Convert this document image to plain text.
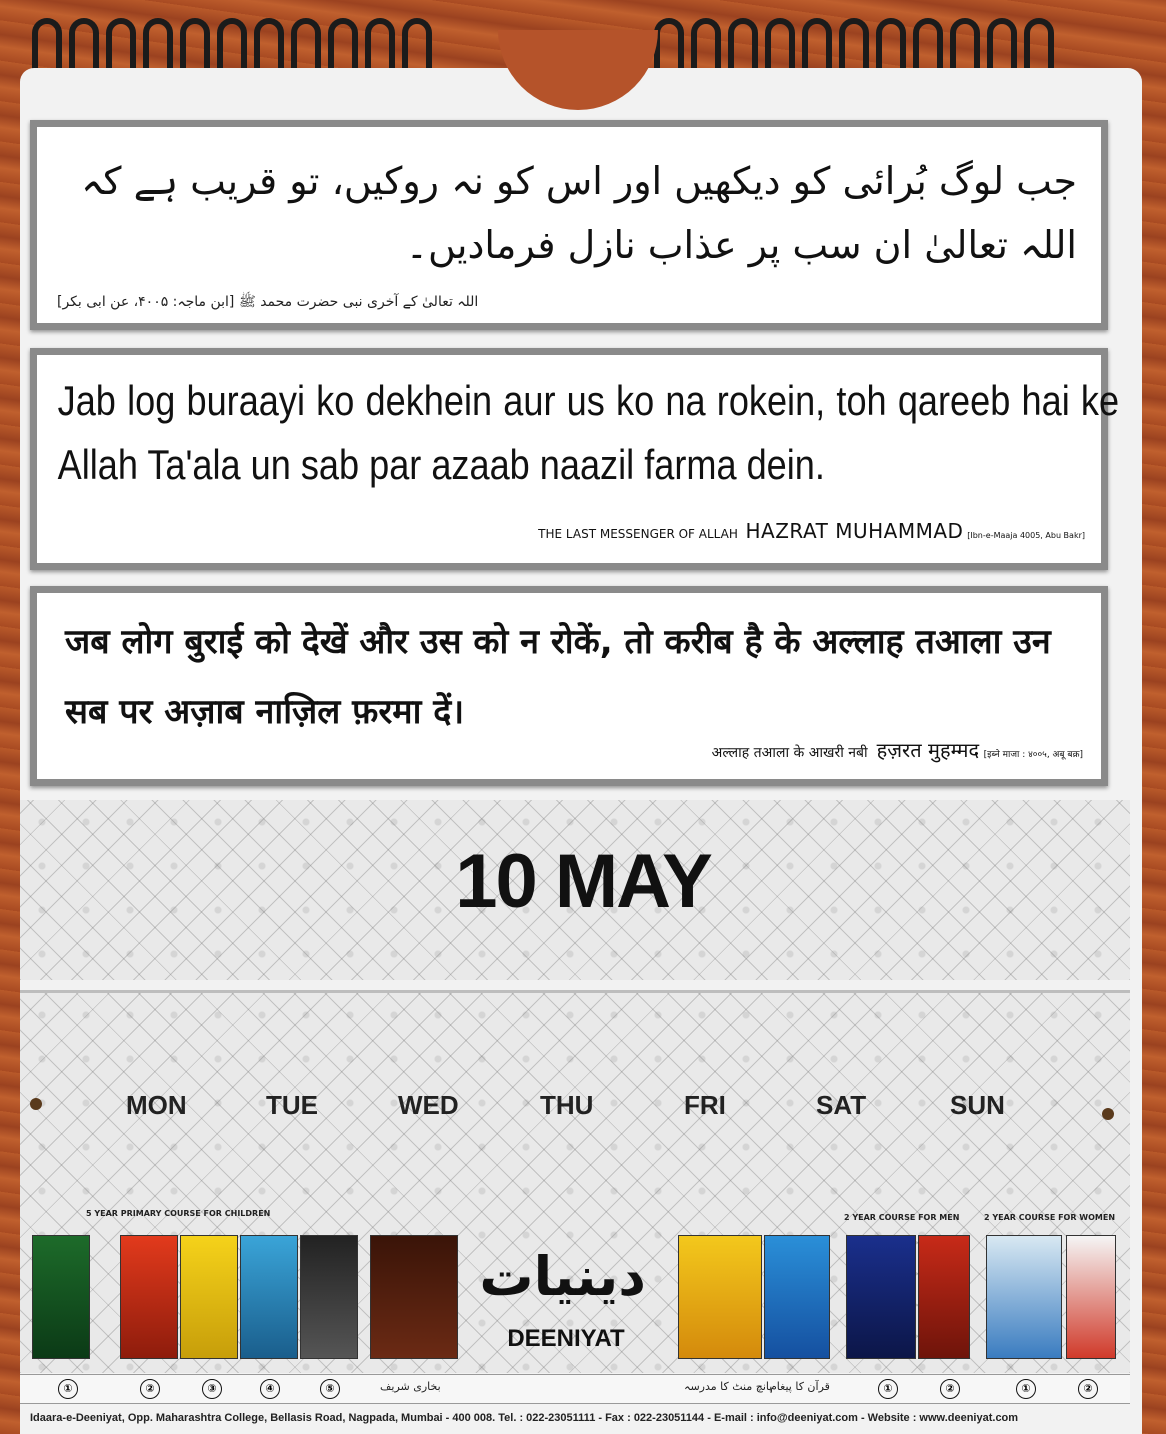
جب لوگ بُرائی کو دیکھیں اور اس کو نہ روکیں، تو قریب ہے کہ اللہ تعالیٰ ان سب پر عذاب نازل فرمادیں۔
اللہ تعالیٰ کے آخری نبی حضرت محمد ﷺ [ابن ماجہ: ۴۰۰۵، عن ابی بکر]
Jab log buraayi ko dekhein aur us ko na rokein, toh qareeb hai ke Allah Ta'ala un sab par azaab naazil farma dein.
THE LAST MESSENGER OF ALLAH HAZRAT MUHAMMAD [Ibn-e-Maaja 4005, Abu Bakr]
जब लोग बुराई को देखें और उस को न रोकें, तो करीब है के अल्लाह तआला उन सब पर अज़ाब नाज़िल फ़रमा दें।
अल्लाह तआला के आखरी नबी हज़रत मुहम्मद [इब्ने माजा : ४००५, अबू बक्र]
10 MAY
MON	TUE	WED	THU	FRI	SAT	SUN
5 YEAR PRIMARY COURSE FOR CHILDREN	2 YEAR COURSE FOR MEN	2 YEAR COURSE FOR WOMEN
دینیات
DEENIYAT
①	②	③	④	⑤	بخاری شریف	پانچ منٹ کا مدرسہ
قرآن کا پیغام	①	②	①	②
Idaara-e-Deeniyat, Opp. Maharashtra College, Bellasis Road, Nagpada, Mumbai - 400 008. Tel. : 022-23051111 - Fax : 022-23051144 - E-mail : info@deeniyat.com - Website : www.deeniyat.com
